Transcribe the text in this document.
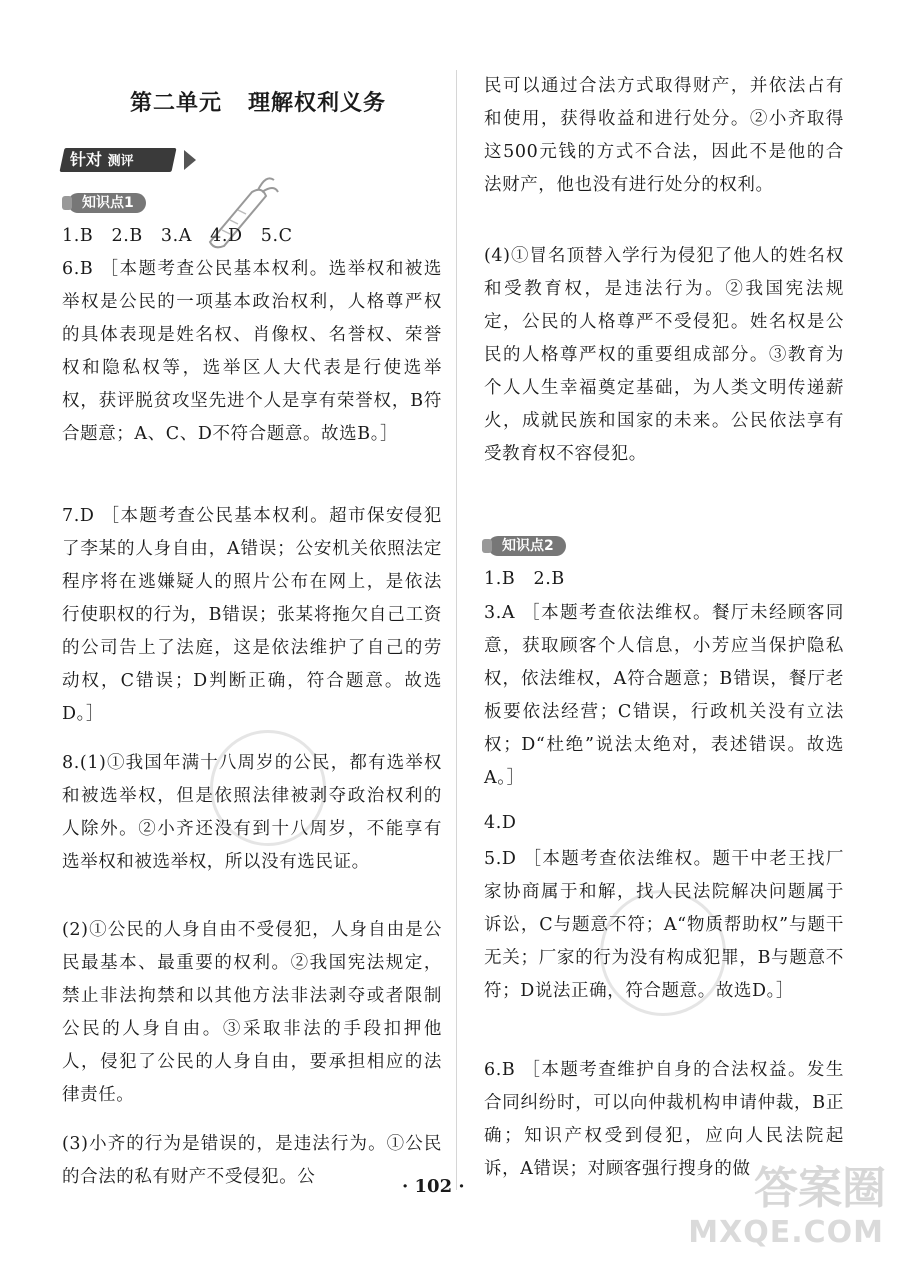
第二单元 理解权利义务
针对 测评
知识点1
知识点2
1.B　2.B　3.A　4.D　5.C
6.B ［本题考查公民基本权利。选举权和被选举权是公民的一项基本政治权利，人格尊严权的具体表现是姓名权、肖像权、名誉权、荣誉权和隐私权等，选举区人大代表是行使选举权，获评脱贫攻坚先进个人是享有荣誉权，B符合题意；A、C、D不符合题意。故选B。］
7.D ［本题考查公民基本权利。超市保安侵犯了李某的人身自由，A错误；公安机关依照法定程序将在逃嫌疑人的照片公布在网上，是依法行使职权的行为，B错误；张某将拖欠自己工资的公司告上了法庭，这是依法维护了自己的劳动权，C错误；D判断正确，符合题意。故选D。］
8.(1)①我国年满十八周岁的公民，都有选举权和被选举权，但是依照法律被剥夺政治权利的人除外。②小齐还没有到十八周岁，不能享有选举权和被选举权，所以没有选民证。
(2)①公民的人身自由不受侵犯，人身自由是公民最基本、最重要的权利。②我国宪法规定，禁止非法拘禁和以其他方法非法剥夺或者限制公民的人身自由。③采取非法的手段扣押他人，侵犯了公民的人身自由，要承担相应的法律责任。
(3)小齐的行为是错误的，是违法行为。①公民的合法的私有财产不受侵犯。公
民可以通过合法方式取得财产，并依法占有和使用，获得收益和进行处分。②小齐取得这500元钱的方式不合法，因此不是他的合法财产，他也没有进行处分的权利。
(4)①冒名顶替入学行为侵犯了他人的姓名权和受教育权，是违法行为。②我国宪法规定，公民的人格尊严不受侵犯。姓名权是公民的人格尊严权的重要组成部分。③教育为个人人生幸福奠定基础，为人类文明传递薪火，成就民族和国家的未来。公民依法享有受教育权不容侵犯。
1.B　2.B
3.A ［本题考查依法维权。餐厅未经顾客同意，获取顾客个人信息，小芳应当保护隐私权，依法维权，A符合题意；B错误，餐厅老板要依法经营；C错误，行政机关没有立法权；D“杜绝”说法太绝对，表述错误。故选A。］
4.D
5.D ［本题考查依法维权。题干中老王找厂家协商属于和解，找人民法院解决问题属于诉讼，C与题意不符；A“物质帮助权”与题干无关；厂家的行为没有构成犯罪，B与题意不符；D说法正确，符合题意。故选D。］
6.B ［本题考查维护自身的合法权益。发生合同纠纷时，可以向仲裁机构申请仲裁，B正确；知识产权受到侵犯，应向人民法院起诉，A错误；对顾客强行搜身的做
· 102 ·	答案圈
MXQE.COM
